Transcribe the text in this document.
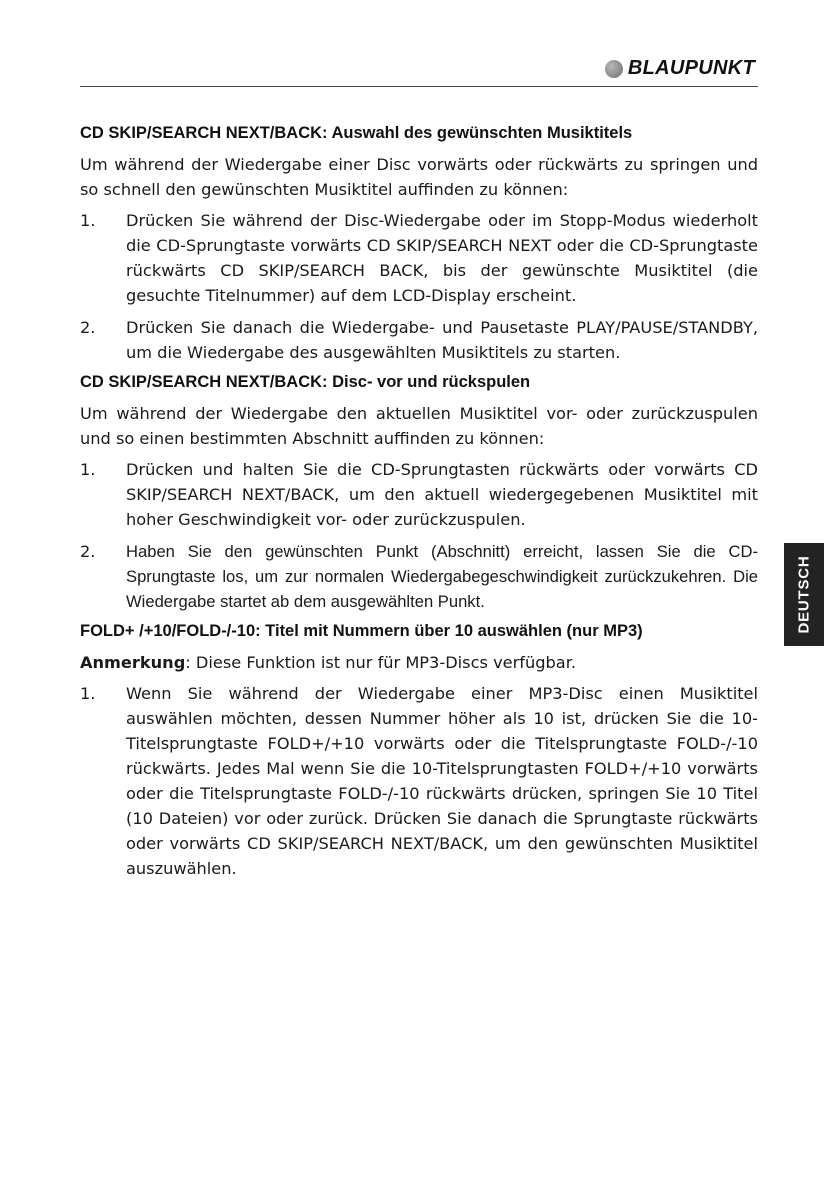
BLAUPUNKT
CD SKIP/SEARCH NEXT/BACK: Auswahl des gewünschten Musiktitels

Um während der Wiedergabe einer Disc vorwärts oder rückwärts zu springen und so schnell den gewünschten Musiktitel auffinden zu können:

1.	Drücken Sie während der Disc-Wiedergabe oder im Stopp-Modus wiederholt die CD-Sprungtaste vorwärts CD SKIP/SEARCH NEXT oder die CD-Sprungtaste rückwärts CD SKIP/SEARCH BACK, bis der gewünschte Musiktitel (die gesuchte Titelnummer) auf dem LCD-Display erscheint.
2.	Drücken Sie danach die Wiedergabe- und Pausetaste PLAY/PAUSE/STANDBY, um die Wiedergabe des ausgewählten Musiktitels zu starten.
CD SKIP/SEARCH NEXT/BACK: Disc- vor und rückspulen

Um während der Wiedergabe den aktuellen Musiktitel vor- oder zurückzuspulen und so einen bestimmten Abschnitt auffinden zu können:

1.	Drücken und halten Sie die CD-Sprungtasten rückwärts oder vorwärts CD SKIP/SEARCH NEXT/BACK, um den aktuell wiedergegebenen Musiktitel mit hoher Geschwindigkeit vor- oder zurückzuspulen.
2.	Haben Sie den gewünschten Punkt (Abschnitt) erreicht, lassen Sie die CD-Sprungtaste los, um zur normalen Wiedergabegeschwindigkeit zurückzukehren. Die Wiedergabe startet ab dem ausgewählten Punkt.
FOLD+ /+10/FOLD-/-10: Titel mit Nummern über 10 auswählen (nur MP3)

Anmerkung: Diese Funktion ist nur für MP3-Discs verfügbar.

1.	Wenn Sie während der Wiedergabe einer MP3-Disc einen Musiktitel auswählen möchten, dessen Nummer höher als 10 ist, drücken Sie die 10-Titelsprungtaste FOLD+/+10 vorwärts oder die Titelsprungtaste FOLD-/-10 rückwärts. Jedes Mal wenn Sie die 10-Titelsprungtasten FOLD+/+10 vorwärts oder die Titelsprungtaste FOLD-/-10 rückwärts drücken, springen Sie 10 Titel (10 Dateien) vor oder zurück. Drücken Sie danach die Sprungtaste rückwärts oder vorwärts CD SKIP/SEARCH NEXT/BACK, um den gewünschten Musiktitel auszuwählen.
DEUTSCH
